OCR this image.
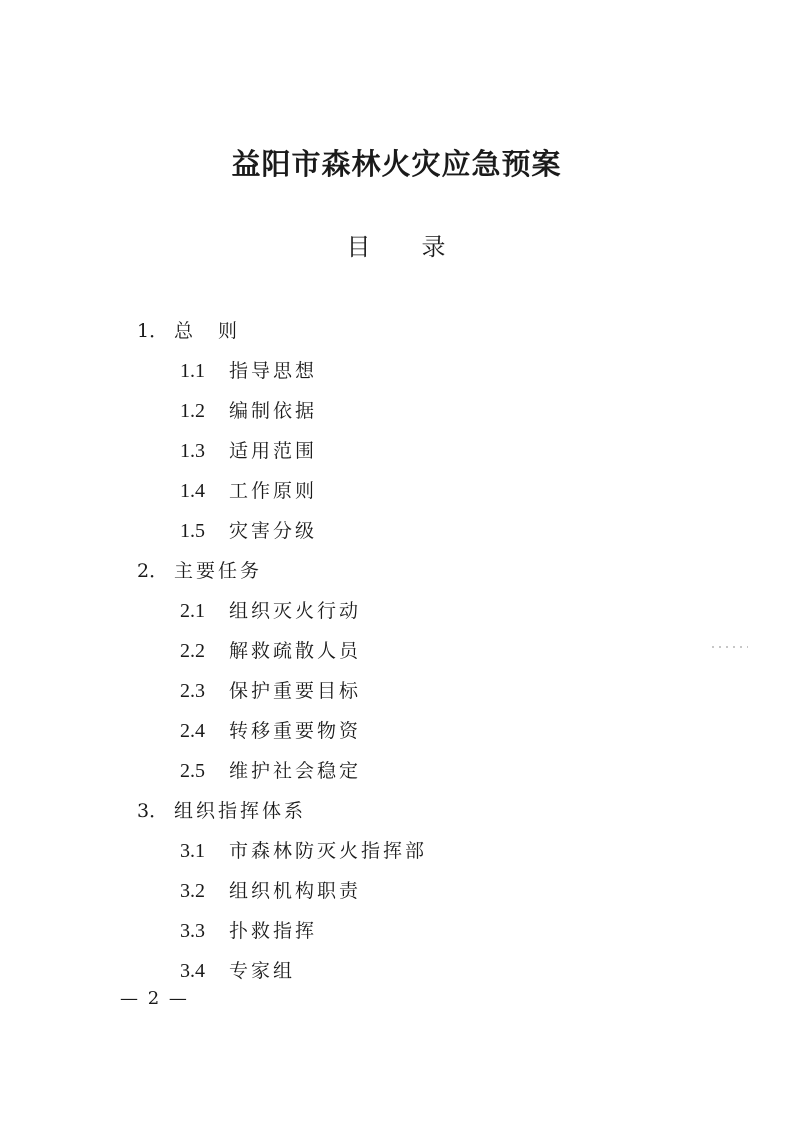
益阳市森林火灾应急预案
目 录
1． 总　则
1.1 指导思想
1.2 编制依据
1.3 适用范围
1.4 工作原则
1.5 灾害分级
2． 主要任务
2.1 组织灭火行动
2.2 解救疏散人员
2.3 保护重要目标
2.4 转移重要物资
2.5 维护社会稳定
3． 组织指挥体系
3.1 市森林防灭火指挥部
3.2 组织机构职责
3.3 扑救指挥
3.4 专家组
— 2 —
